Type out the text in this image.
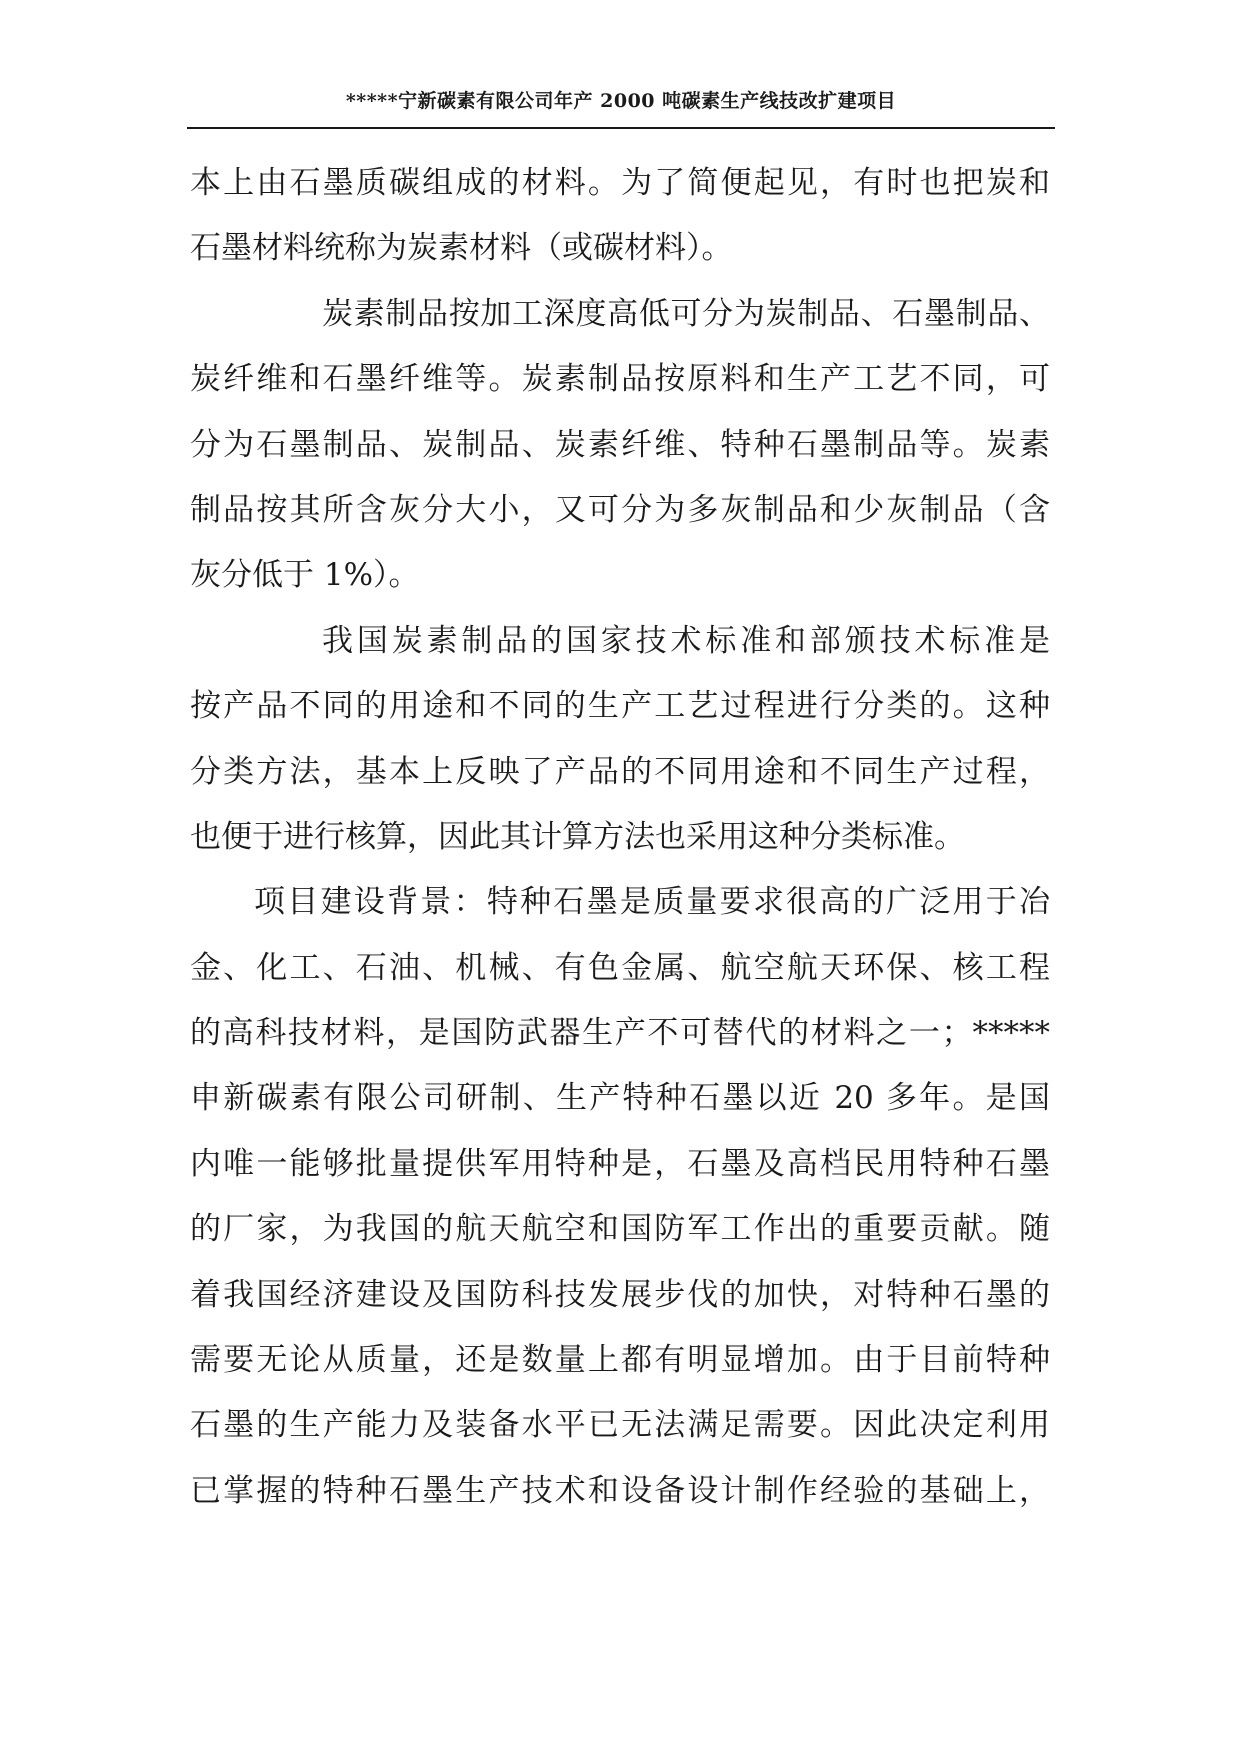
*****宁新碳素有限公司年产 2000 吨碳素生产线技改扩建项目
本上由石墨质碳组成的材料。为了简便起见，有时也把炭和
石墨材料统称为炭素材料（或碳材料）。
炭素制品按加工深度高低可分为炭制品、石墨制品、
炭纤维和石墨纤维等。炭素制品按原料和生产工艺不同，可
分为石墨制品、炭制品、炭素纤维、特种石墨制品等。炭素
制品按其所含灰分大小，又可分为多灰制品和少灰制品（含
灰分低于 1%）。
我国炭素制品的国家技术标准和部颁技术标准是
按产品不同的用途和不同的生产工艺过程进行分类的。这种
分类方法，基本上反映了产品的不同用途和不同生产过程，
也便于进行核算，因此其计算方法也采用这种分类标准。
项目建设背景：特种石墨是质量要求很高的广泛用于冶
金、化工、石油、机械、有色金属、航空航天环保、核工程
的高科技材料，是国防武器生产不可替代的材料之一；*****
申新碳素有限公司研制、生产特种石墨以近 20 多年。是国
内唯一能够批量提供军用特种是，石墨及高档民用特种石墨
的厂家，为我国的航天航空和国防军工作出的重要贡献。随
着我国经济建设及国防科技发展步伐的加快，对特种石墨的
需要无论从质量，还是数量上都有明显增加。由于目前特种
石墨的生产能力及装备水平已无法满足需要。因此决定利用
已掌握的特种石墨生产技术和设备设计制作经验的基础上，
